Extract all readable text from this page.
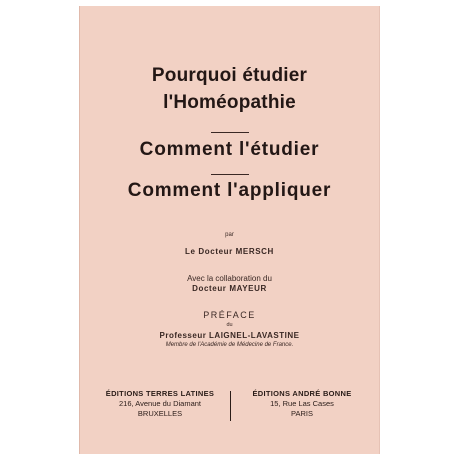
Pourquoi étudier
l'Homéopathie
Comment l'étudier
Comment l'appliquer
par
Le Docteur MERSCH
Avec la collaboration du
Docteur MAYEUR
PRÉFACE
du
Professeur LAIGNEL-LAVASTINE
Membre de l'Académie de Médecine de France.
ÉDITIONS TERRES LATINES
216, Avenue du Diamant
BRUXELLES
ÉDITIONS ANDRÉ BONNE
15, Rue Las Cases
PARIS
